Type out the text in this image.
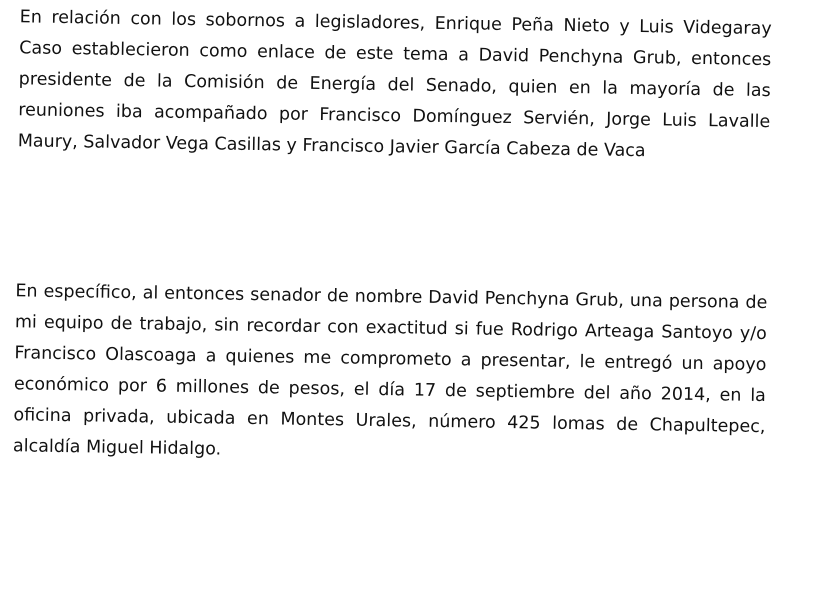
En relación con los sobornos a legisladores, Enrique Peña Nieto y Luis Videgaray Caso establecieron como enlace de este tema a David Penchyna Grub, entonces presidente de la Comisión de Energía del Senado, quien en la mayoría de las reuniones iba acompañado por Francisco Domínguez Servién, Jorge Luis Lavalle Maury, Salvador Vega Casillas y Francisco Javier García Cabeza de Vaca

En específico, al entonces senador de nombre David Penchyna Grub, una persona de mi equipo de trabajo, sin recordar con exactitud si fue Rodrigo Arteaga Santoyo y/o Francisco Olascoaga a quienes me comprometo a presentar, le entregó un apoyo económico por 6 millones de pesos, el día 17 de septiembre del año 2014, en la oficina privada, ubicada en Montes Urales, número 425 lomas de Chapultepec, alcaldía Miguel Hidalgo.
